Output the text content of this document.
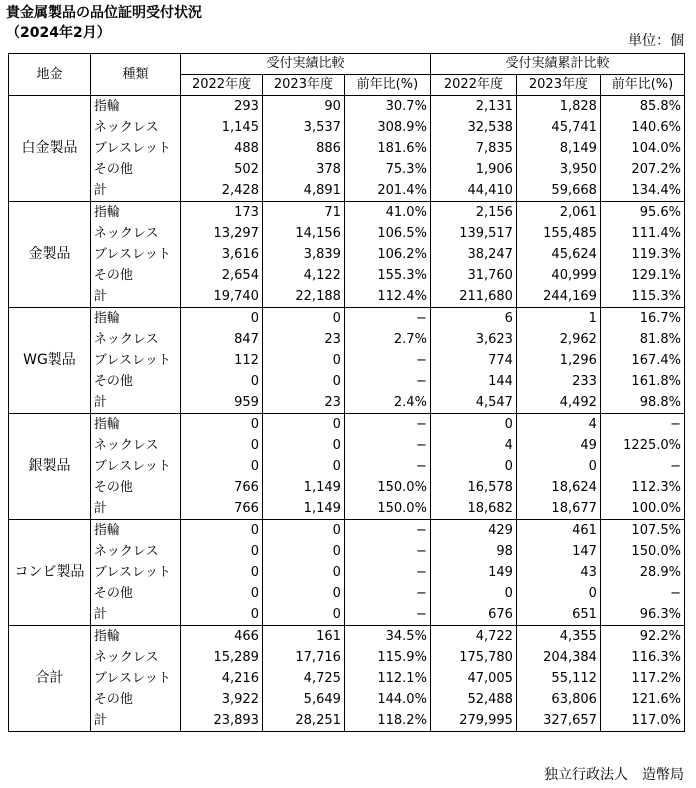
貴金属製品の品位証明受付状況
（2024年2月）	単位：個
地金	種類	受付実績比較			受付実績累計比較		
		2022年度	2023年度	前年比(%)	2022年度	2023年度	前年比(%)
白金製品	指輪	293	90	30.7%	2,131	1,828	85.8%
	ネックレス	1,145	3,537	308.9%	32,538	45,741	140.6%
	ブレスレット	488	886	181.6%	7,835	8,149	104.0%
	その他	502	378	75.3%	1,906	3,950	207.2%
	計	2,428	4,891	201.4%	44,410	59,668	134.4%
金製品	指輪	173	71	41.0%	2,156	2,061	95.6%
	ネックレス	13,297	14,156	106.5%	139,517	155,485	111.4%
	ブレスレット	3,616	3,839	106.2%	38,247	45,624	119.3%
	その他	2,654	4,122	155.3%	31,760	40,999	129.1%
	計	19,740	22,188	112.4%	211,680	244,169	115.3%
WG製品	指輪	0	0	−	6	1	16.7%
	ネックレス	847	23	2.7%	3,623	2,962	81.8%
	ブレスレット	112	0	−	774	1,296	167.4%
	その他	0	0	−	144	233	161.8%
	計	959	23	2.4%	4,547	4,492	98.8%
銀製品	指輪	0	0	−	0	4	−
	ネックレス	0	0	−	4	49	1225.0%
	ブレスレット	0	0	−	0	0	−
	その他	766	1,149	150.0%	16,578	18,624	112.3%
	計	766	1,149	150.0%	18,682	18,677	100.0%
コンビ製品	指輪	0	0	−	429	461	107.5%
	ネックレス	0	0	−	98	147	150.0%
	ブレスレット	0	0	−	149	43	28.9%
	その他	0	0	−	0	0	−
	計	0	0	−	676	651	96.3%
合計	指輪	466	161	34.5%	4,722	4,355	92.2%
	ネックレス	15,289	17,716	115.9%	175,780	204,384	116.3%
	ブレスレット	4,216	4,725	112.1%	47,005	55,112	117.2%
	その他	3,922	5,649	144.0%	52,488	63,806	121.6%
	計	23,893	28,251	118.2%	279,995	327,657	117.0%
独立行政法人　造幣局
